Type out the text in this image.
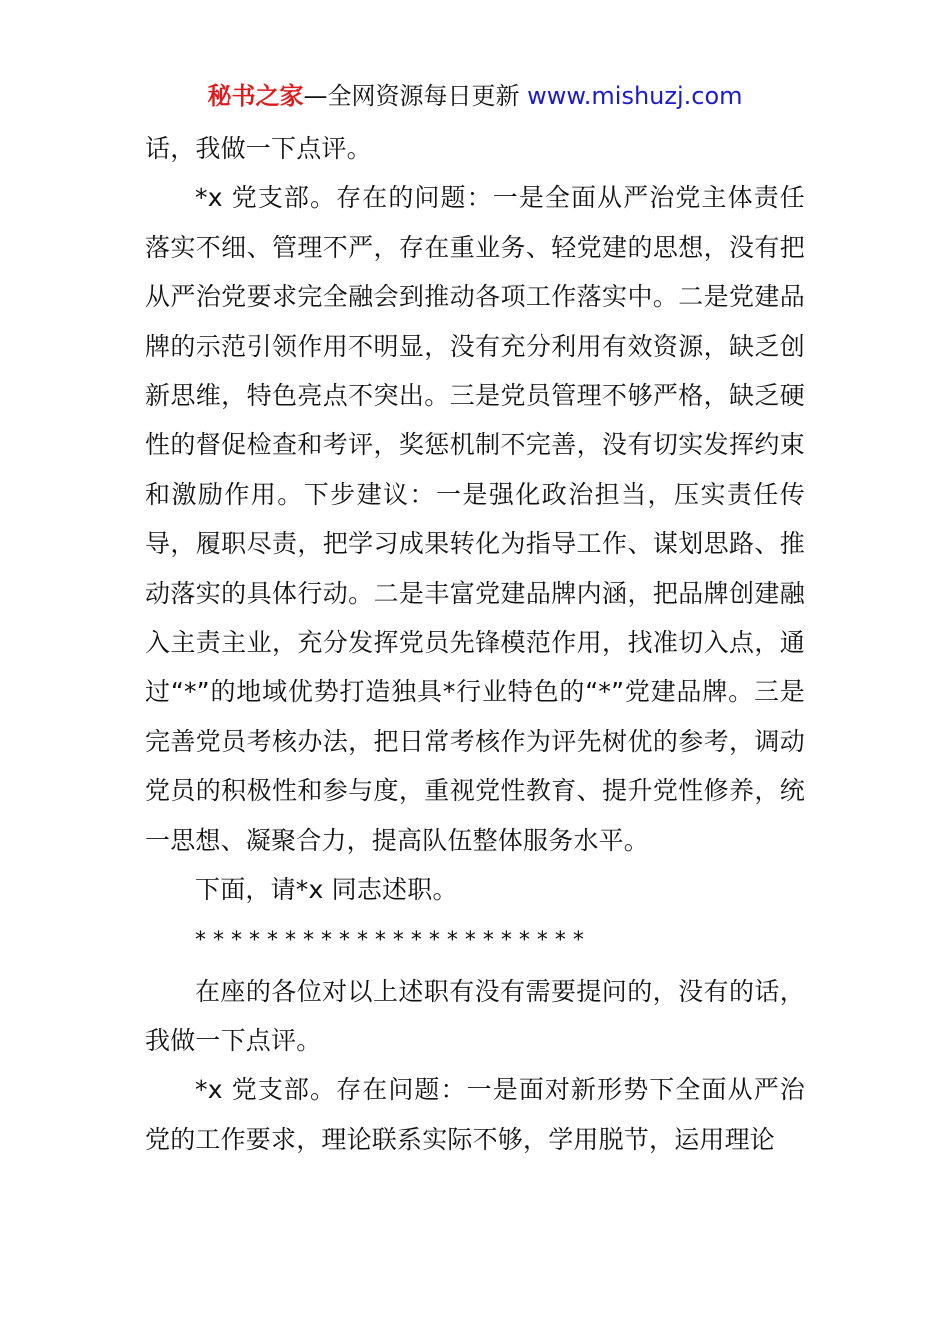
秘书之家—全网资源每日更新 www.mishuzj.com

话，我做一下点评。

*x 党支部。存在的问题：一是全面从严治党主体责任落实不细、管理不严，存在重业务、轻党建的思想，没有把从严治党要求完全融会到推动各项工作落实中。二是党建品牌的示范引领作用不明显，没有充分利用有效资源，缺乏创新思维，特色亮点不突出。三是党员管理不够严格，缺乏硬性的督促检查和考评，奖惩机制不完善，没有切实发挥约束和激励作用。下步建议：一是强化政治担当，压实责任传导，履职尽责，把学习成果转化为指导工作、谋划思路、推动落实的具体行动。二是丰富党建品牌内涵，把品牌创建融入主责主业，充分发挥党员先锋模范作用，找准切入点，通过“*”的地域优势打造独具*行业特色的“*”党建品牌。三是完善党员考核办法，把日常考核作为评先树优的参考，调动党员的积极性和参与度，重视党性教育、提升党性修养，统一思想、凝聚合力，提高队伍整体服务水平。

下面，请*x 同志述职。

* * * * * * * * * * * * * * * * * * * * * *

在座的各位对以上述职有没有需要提问的，没有的话，我做一下点评。

*x 党支部。存在问题：一是面对新形势下全面从严治党的工作要求，理论联系实际不够，学用脱节，运用理论
